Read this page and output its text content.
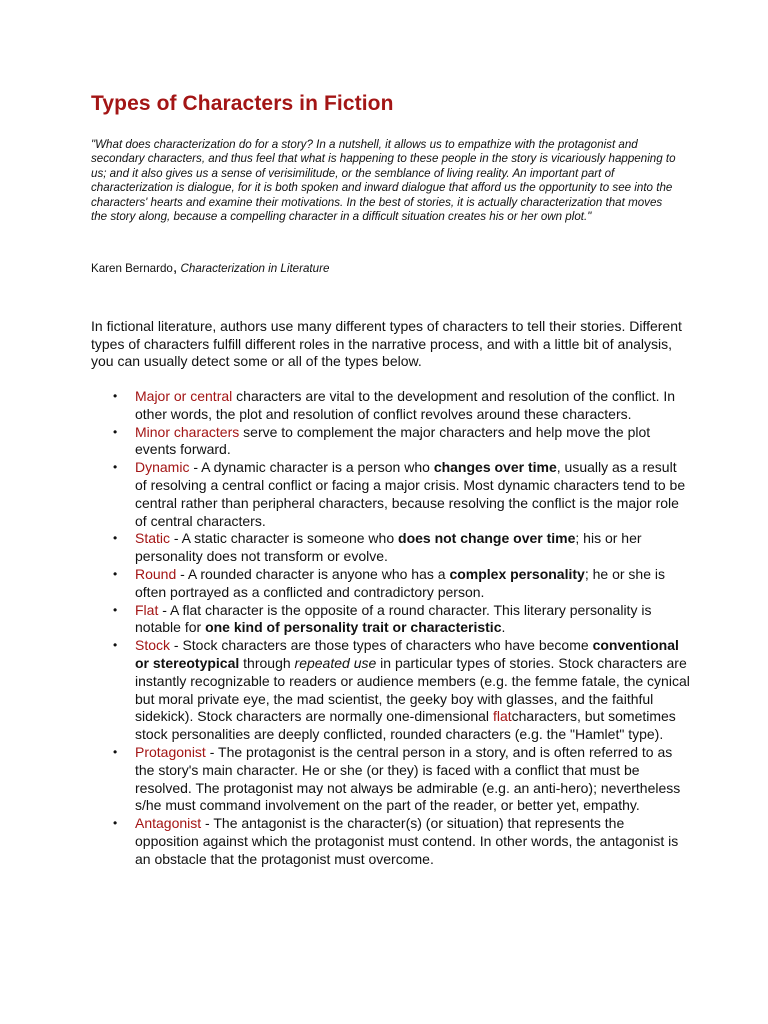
Types of Characters in Fiction

"What does characterization do for a story? In a nutshell, it allows us to empathize with the protagonist and secondary characters, and thus feel that what is happening to these people in the story is vicariously happening to us; and it also gives us a sense of verisimilitude, or the semblance of living reality. An important part of characterization is dialogue, for it is both spoken and inward dialogue that afford us the opportunity to see into the characters' hearts and examine their motivations. In the best of stories, it is actually characterization that moves the story along, because a compelling character in a difficult situation creates his or her own plot."

Karen Bernardo, Characterization in Literature

In fictional literature, authors use many different types of characters to tell their stories. Different types of characters fulfill different roles in the narrative process, and with a little bit of analysis, you can usually detect some or all of the types below.

• Major or central characters are vital to the development and resolution of the conflict. In other words, the plot and resolution of conflict revolves around these characters.
• Minor characters serve to complement the major characters and help move the plot events forward.
• Dynamic - A dynamic character is a person who changes over time, usually as a result of resolving a central conflict or facing a major crisis. Most dynamic characters tend to be central rather than peripheral characters, because resolving the conflict is the major role of central characters.
• Static - A static character is someone who does not change over time; his or her personality does not transform or evolve.
• Round - A rounded character is anyone who has a complex personality; he or she is often portrayed as a conflicted and contradictory person.
• Flat - A flat character is the opposite of a round character. This literary personality is notable for one kind of personality trait or characteristic.
• Stock - Stock characters are those types of characters who have become conventional or stereotypical through repeated use in particular types of stories. Stock characters are instantly recognizable to readers or audience members (e.g. the femme fatale, the cynical but moral private eye, the mad scientist, the geeky boy with glasses, and the faithful sidekick). Stock characters are normally one-dimensional flatcharacters, but sometimes stock personalities are deeply conflicted, rounded characters (e.g. the "Hamlet" type).
• Protagonist - The protagonist is the central person in a story, and is often referred to as the story's main character. He or she (or they) is faced with a conflict that must be resolved. The protagonist may not always be admirable (e.g. an anti-hero); nevertheless s/he must command involvement on the part of the reader, or better yet, empathy.
• Antagonist - The antagonist is the character(s) (or situation) that represents the opposition against which the protagonist must contend. In other words, the antagonist is an obstacle that the protagonist must overcome.
